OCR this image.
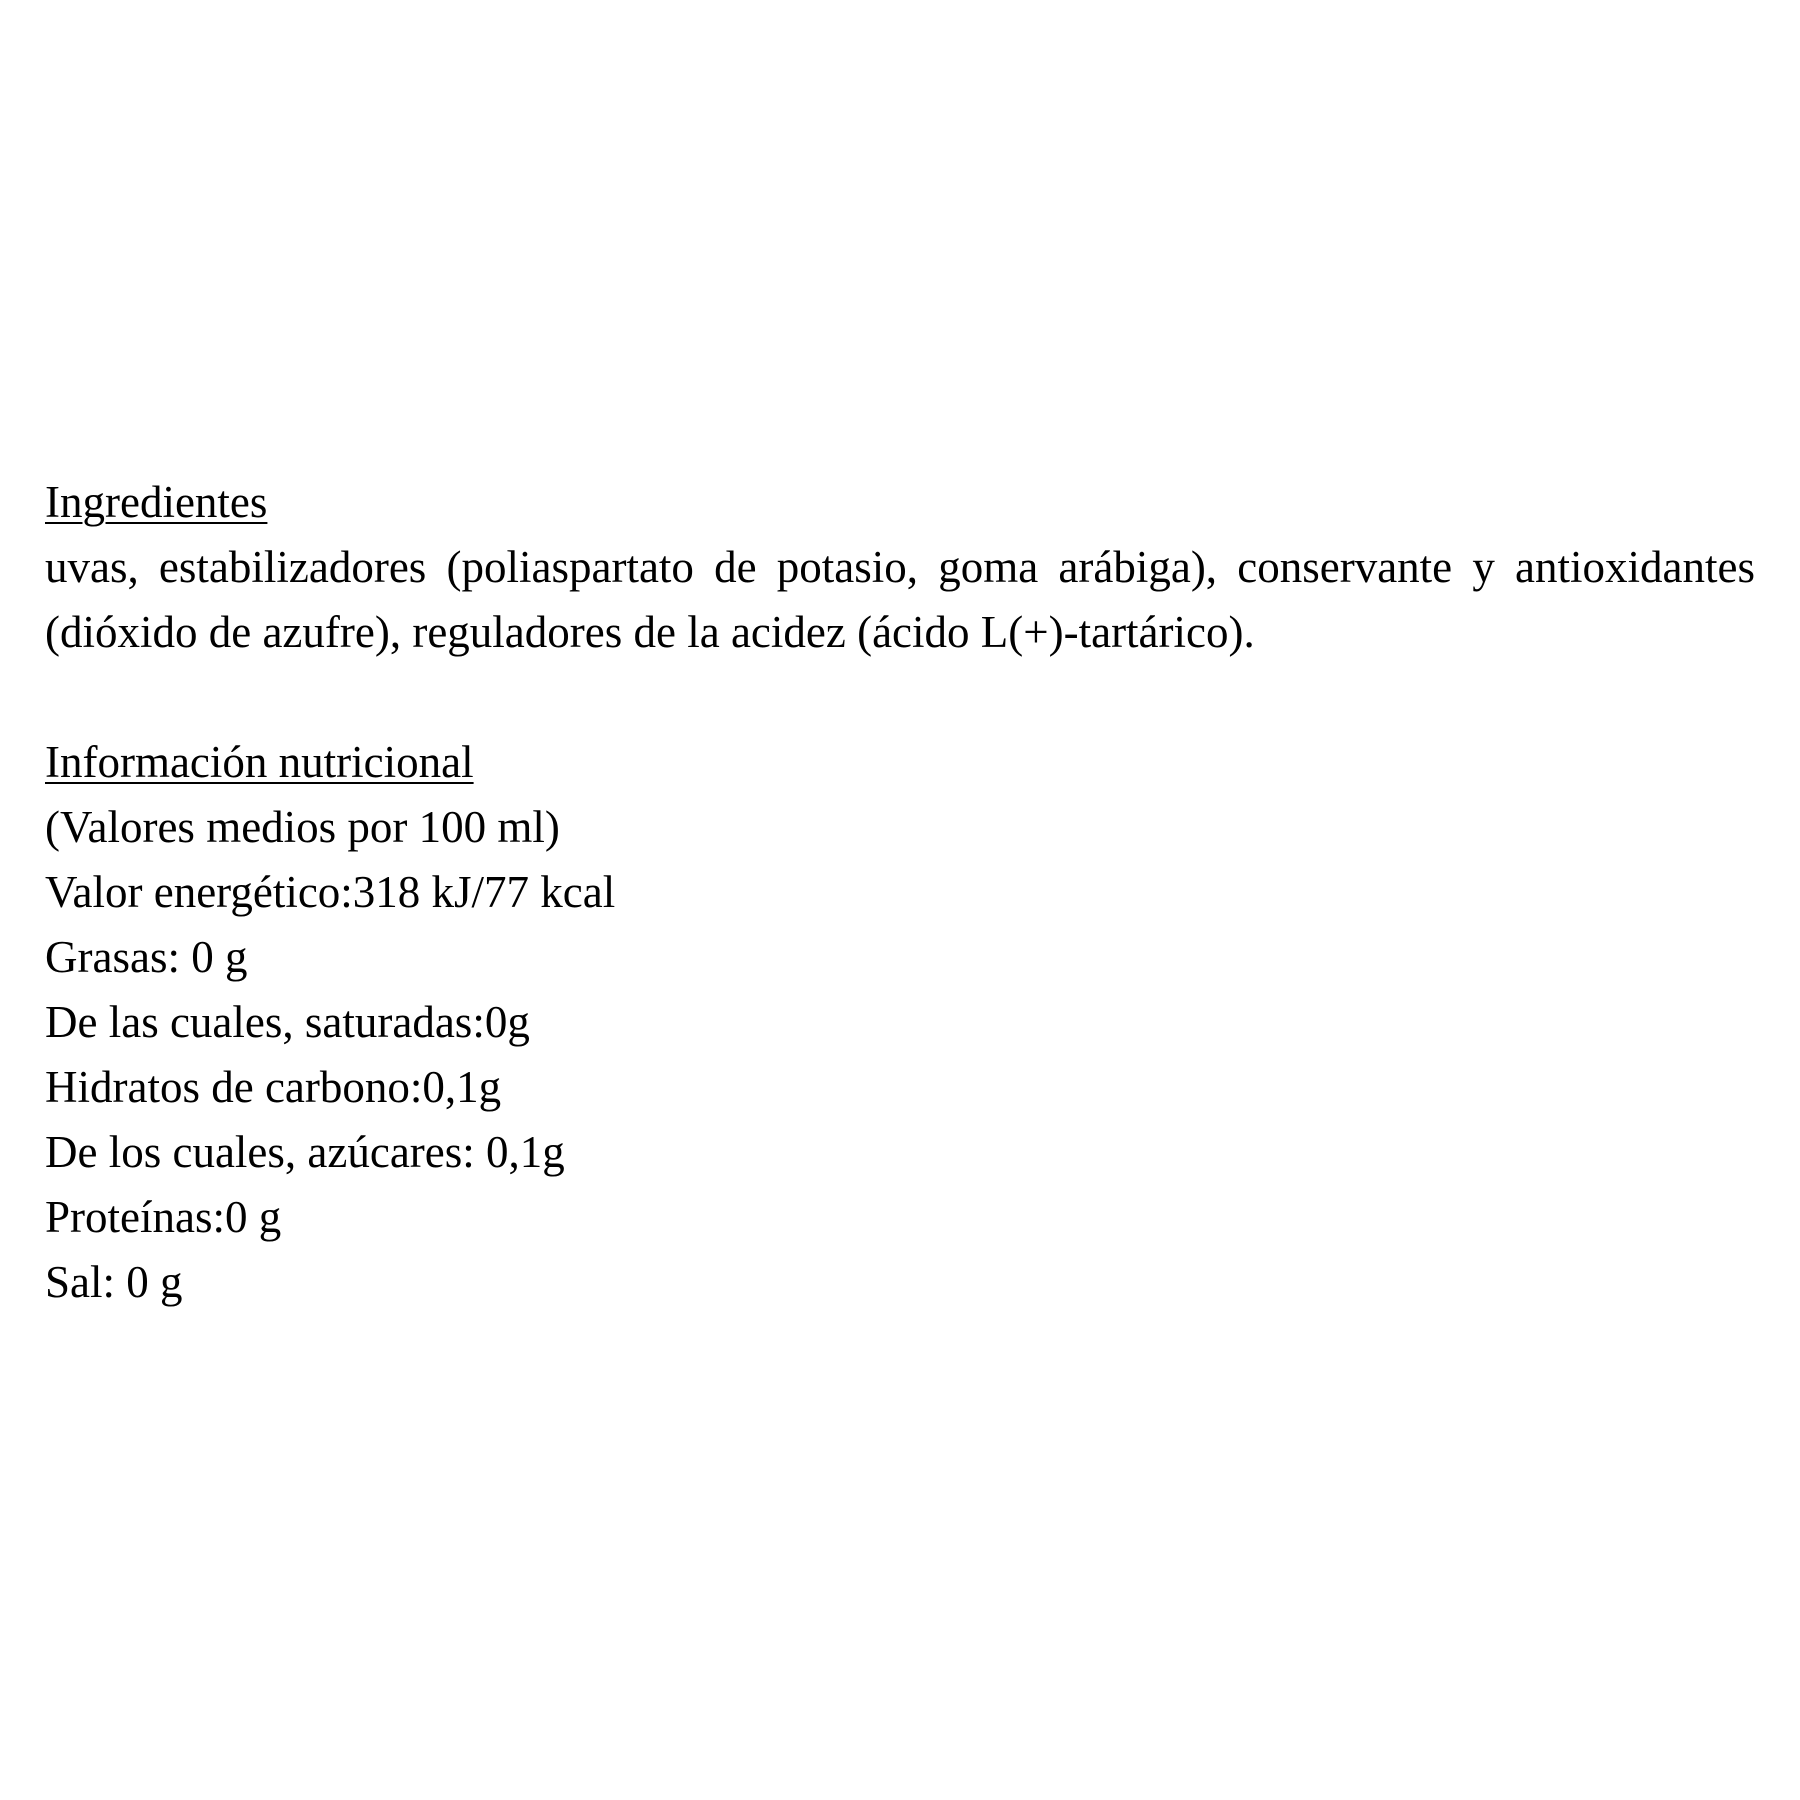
Ingredientes
uvas, estabilizadores (poliaspartato de potasio, goma arábiga), conservante y antioxidantes (dióxido de azufre), reguladores de la acidez (ácido L(+)-tartárico).
Información nutricional
(Valores medios por 100 ml)
Valor energético:318 kJ/77 kcal
Grasas: 0 g
De las cuales, saturadas:0g
Hidratos de carbono:0,1g
De los cuales, azúcares: 0,1g
Proteínas:0 g
Sal: 0 g
